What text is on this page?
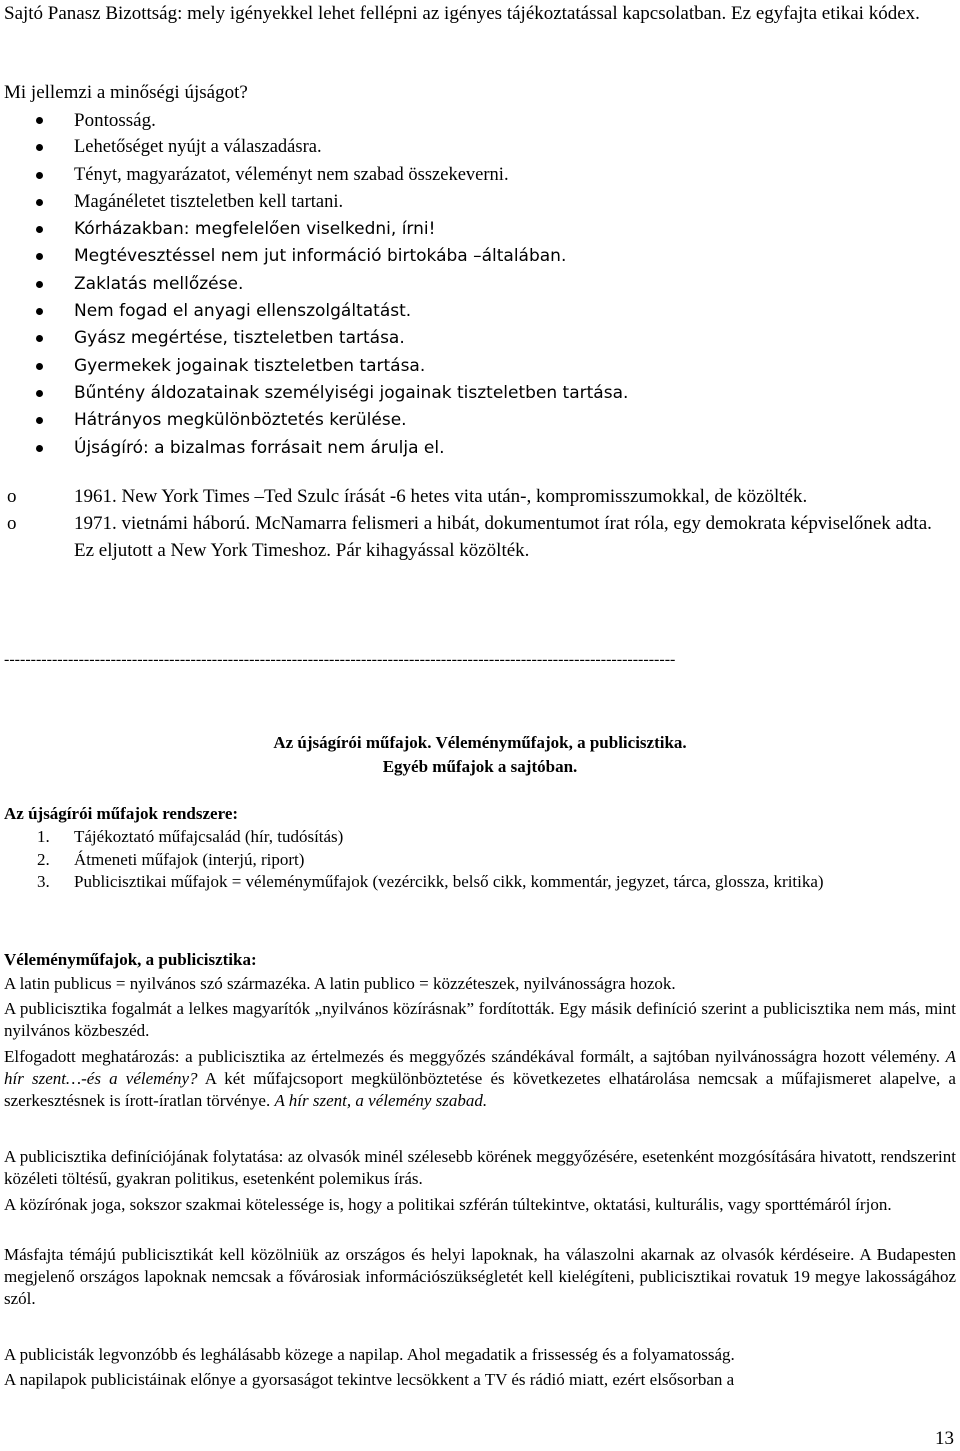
Sajtó Panasz Bizottság: mely igényekkel lehet fellépni az igényes tájékoztatással kapcsolatban. Ez egyfajta etikai kódex.

Mi jellemzi a minőségi újságot?

Pontosság.
Lehetőséget nyújt a válaszadásra.
Tényt, magyarázatot, véleményt nem szabad összekeverni.
Magánéletet tiszteletben kell tartani.
Kórházakban: megfelelően viselkedni, írni!
Megtévesztéssel nem jut információ birtokába –általában.
Zaklatás mellőzése.
Nem fogad el anyagi ellenszolgáltatást.
Gyász megértése, tiszteletben tartása.
Gyermekek jogainak tiszteletben tartása.
Bűntény áldozatainak személyiségi jogainak tiszteletben tartása.
Hátrányos megkülönböztetés kerülése.
Újságíró: a bizalmas forrásait nem árulja el.
o	1961. New York Times –Ted Szulc írását -6 hetes vita után-, kompromisszumokkal, de közölték.
o	1971. vietnámi háború. McNamarra felismeri a hibát, dokumentumot írat róla, egy demokrata képviselőnek adta. Ez eljutott a New York Timeshoz. Pár kihagyással közölték.
------------------------------------------------------------------------------------------------------------------------------

Az újságírói műfajok. Véleményműfajok, a publicisztika.

Egyéb műfajok a sajtóban.

Az újságírói műfajok rendszere:

1. Tájékoztató műfajcsalád (hír, tudósítás)
2. Átmeneti műfajok (interjú, riport)
3. Publicisztikai műfajok = véleményműfajok (vezércikk, belső cikk, kommentár, jegyzet, tárca, glossza, kritika)

Véleményműfajok, a publicisztika:

A latin publicus = nyilvános szó származéka. A latin publico = közzéteszek, nyilvánosságra hozok.

A publicisztika fogalmát a lelkes magyarítók „nyilvános közírásnak” fordították. Egy másik definíció szerint a publicisztika nem más, mint nyilvános közbeszéd.

Elfogadott meghatározás: a publicisztika az értelmezés és meggyőzés szándékával formált, a sajtóban nyilvánosságra hozott vélemény. A hír szent…-és a vélemény? A két műfajcsoport megkülönböztetése és következetes elhatárolása nemcsak a műfajismeret alapelve, a szerkesztésnek is írott-íratlan törvénye. A hír szent, a vélemény szabad.

A publicisztika definíciójának folytatása: az olvasók minél szélesebb körének meggyőzésére, esetenként mozgósítására hivatott, rendszerint közéleti töltésű, gyakran politikus, esetenként polemikus írás.

A közírónak joga, sokszor szakmai kötelessége is, hogy a politikai szférán túltekintve, oktatási, kulturális, vagy sporttémáról írjon.

Másfajta témájú publicisztikát kell közölniük az országos és helyi lapoknak, ha válaszolni akarnak az olvasók kérdéseire. A Budapesten megjelenő országos lapoknak nemcsak a fővárosiak információszükségletét kell kielégíteni, publicisztikai rovatuk 19 megye lakosságához szól.

A publicisták legvonzóbb és leghálásabb közege a napilap. Ahol megadatik a frissesség és a folyamatosság.

A napilapok publicistáinak előnye a gyorsaságot tekintve lecsökkent a TV és rádió miatt, ezért elsősorban a

13
